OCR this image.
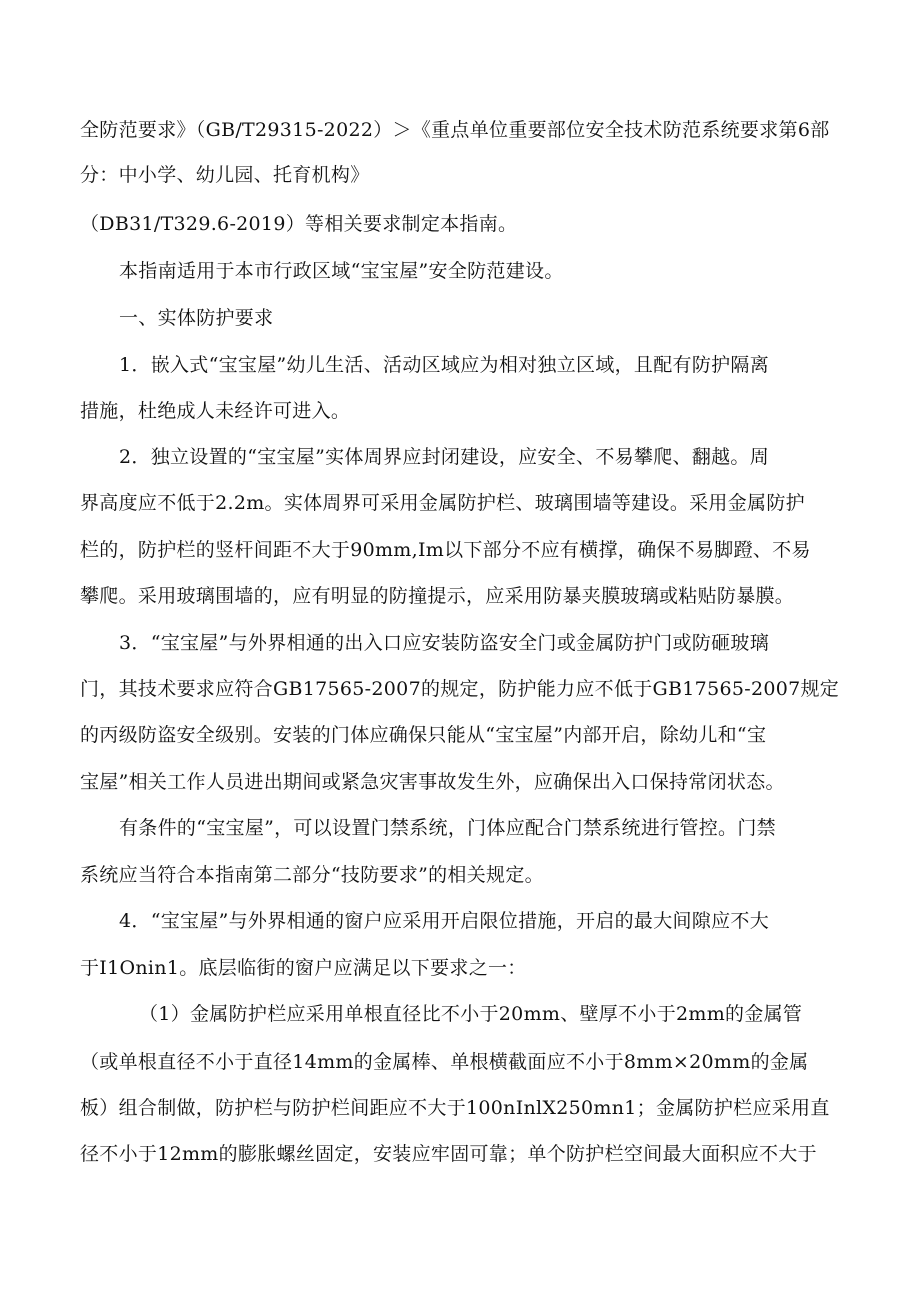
全防范要求》（GB/T29315-2022）＞《重点单位重要部位安全技术防范系统要求第6部
分：中小学、幼儿园、托育机构》
（DB31/T329.6-2019）等相关要求制定本指南。
本指南适用于本市行政区域“宝宝屋”安全防范建设。
一、实体防护要求
1．嵌入式“宝宝屋”幼儿生活、活动区域应为相对独立区域，且配有防护隔离
措施，杜绝成人未经许可进入。
2．独立设置的“宝宝屋”实体周界应封闭建设，应安全、不易攀爬、翻越。周
界高度应不低于2.2m。实体周界可采用金属防护栏、玻璃围墙等建设。采用金属防护
栏的，防护栏的竖杆间距不大于90mm,Im以下部分不应有横撑，确保不易脚蹬、不易
攀爬。采用玻璃围墙的，应有明显的防撞提示，应采用防暴夹膜玻璃或粘贴防暴膜。
3．“宝宝屋”与外界相通的出入口应安装防盗安全门或金属防护门或防砸玻璃
门，其技术要求应符合GB17565-2007的规定，防护能力应不低于GB17565-2007规定
的丙级防盗安全级别。安装的门体应确保只能从“宝宝屋”内部开启，除幼儿和“宝
宝屋”相关工作人员进出期间或紧急灾害事故发生外，应确保出入口保持常闭状态。
有条件的“宝宝屋”，可以设置门禁系统，门体应配合门禁系统进行管控。门禁
系统应当符合本指南第二部分“技防要求”的相关规定。
4．“宝宝屋”与外界相通的窗户应采用开启限位措施，开启的最大间隙应不大
于I1Onin1。底层临街的窗户应满足以下要求之一：
（1）金属防护栏应采用单根直径比不小于20mm、壁厚不小于2mm的金属管
（或单根直径不小于直径14mm的金属棒、单根横截面应不小于8mm×20mm的金属
板）组合制做，防护栏与防护栏间距应不大于100nInlX250mn1；金属防护栏应采用直
径不小于12mm的膨胀螺丝固定，安装应牢固可靠；单个防护栏空间最大面积应不大于
